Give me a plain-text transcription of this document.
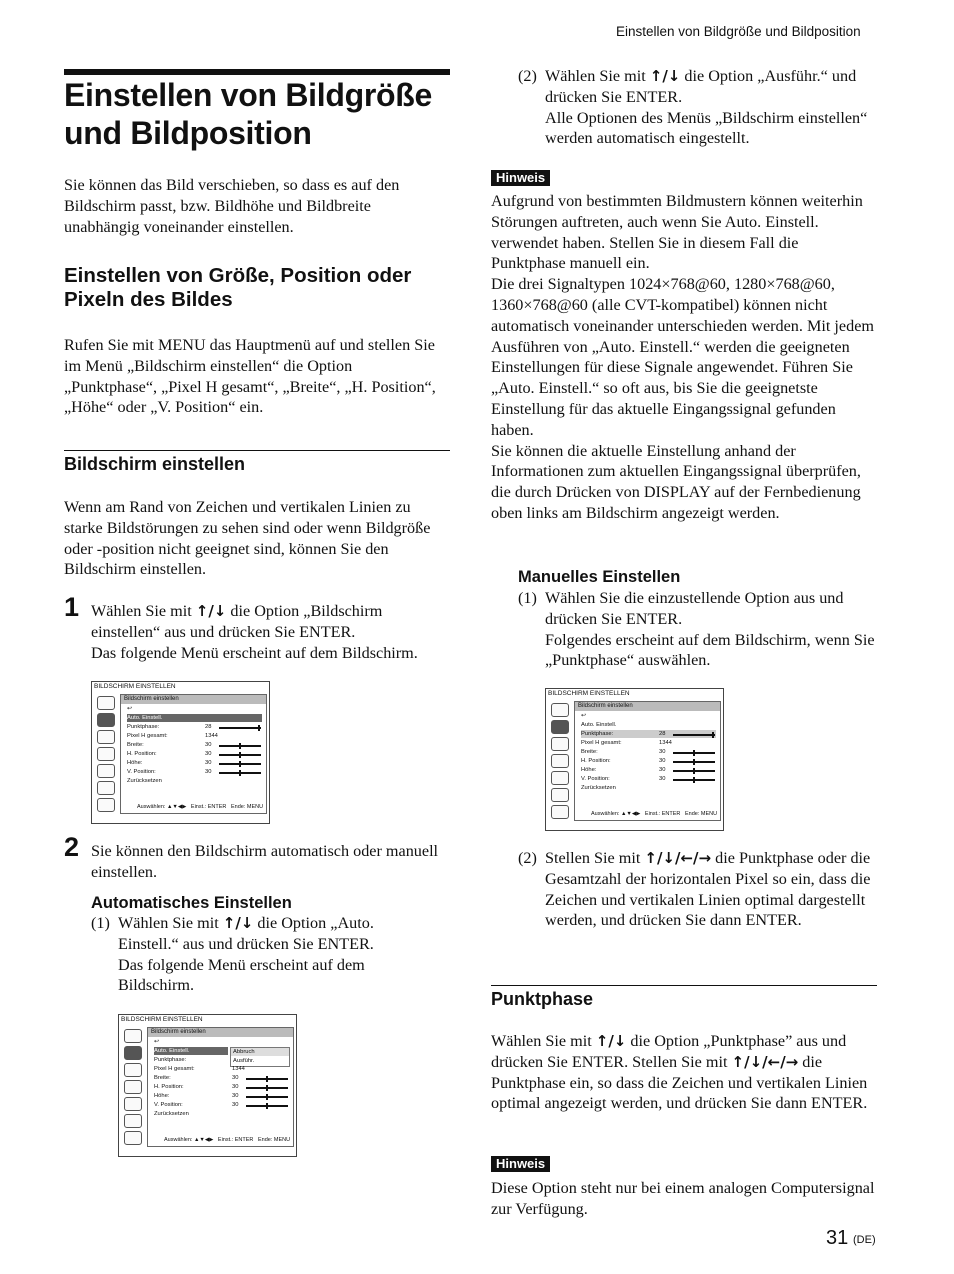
Einstellen von Bildgröße und Bildposition
Einstellen von Bildgröße und Bildposition

Sie können das Bild verschieben, so dass es auf den Bildschirm passt, bzw. Bildhöhe und Bildbreite unabhängig voneinander einstellen.

Einstellen von Größe, Position oder Pixeln des Bildes

Rufen Sie mit MENU das Hauptmenü auf und stellen Sie im Menü „Bildschirm einstellen“ die Option „Punktphase“, „Pixel H gesamt“, „Breite“, „H. Position“, „Höhe“ oder „V. Position“ ein.

Bildschirm einstellen

Wenn am Rand von Zeichen und vertikalen Linien zu starke Bildstörungen zu sehen sind oder wenn Bildgröße oder -position nicht geeignet sind, können Sie den Bildschirm einstellen.

1 Wählen Sie mit ↑/↓ die Option „Bildschirm einstellen“ aus und drücken Sie ENTER.
Das folgende Menü erscheint auf dem Bildschirm.
BILDSCHIRM EINSTELLEN
Bildschirm einstellen
↩
Auto. Einstell.
Punktphase:
Pixel H gesamt:
Breite:
H. Position:
Höhe:
V. Position:
Zurücksetzen
28
1344
30
30
30
30
Auswählen: ▲▼◀▶   Einst.: ENTER Ende: MENU
2 Sie können den Bildschirm automatisch oder manuell einstellen.
Automatisches Einstellen
(1) Wählen Sie mit ↑/↓ die Option „Auto. Einstell.“ aus und drücken Sie ENTER.
Das folgende Menü erscheint auf dem Bildschirm.
BILDSCHIRM EINSTELLEN
Bildschirm einstellen
↩
Auto. Einstell.
Punktphase:
Pixel H gesamt:
Breite:
H. Position:
Höhe:
V. Position:
Zurücksetzen
Abbruch
Ausführ.
1344
30
30
30
30
Auswählen: ▲▼◀▶   Einst.: ENTER Ende: MENU
(2) Wählen Sie mit ↑/↓ die Option „Ausführ.“ und drücken Sie ENTER.
Alle Optionen des Menüs „Bildschirm einstellen“ werden automatisch eingestellt.
Hinweis

Aufgrund von bestimmten Bildmustern können weiterhin Störungen auftreten, auch wenn Sie Auto. Einstell. verwendet haben. Stellen Sie in diesem Fall die Punktphase manuell ein.
Die drei Signaltypen 1024×768@60, 1280×768@60, 1360×768@60 (alle CVT-kompatibel) können nicht automatisch voneinander unterschieden werden. Mit jedem Ausführen von „Auto. Einstell.“ werden die geeigneten Einstellungen für diese Signale angewendet. Führen Sie „Auto. Einstell.“ so oft aus, bis Sie die geeignetste Einstellung für das aktuelle Eingangssignal gefunden haben.
Sie können die aktuelle Einstellung anhand der Informationen zum aktuellen Eingangssignal überprüfen, die durch Drücken von DISPLAY auf der Fernbedienung oben links am Bildschirm angezeigt werden.

Manuelles Einstellen
(1) Wählen Sie die einzustellende Option aus und drücken Sie ENTER.
Folgendes erscheint auf dem Bildschirm, wenn Sie „Punktphase“ auswählen.
BILDSCHIRM EINSTELLEN
Bildschirm einstellen
↩
Auto. Einstell.
Punktphase:
Pixel H gesamt:
Breite:
H. Position:
Höhe:
V. Position:
Zurücksetzen
28
1344
30
30
30
30
Auswählen: ▲▼◀▶   Einst.: ENTER Ende: MENU
(2) Stellen Sie mit ↑/↓/←/→ die Punktphase oder die Gesamtzahl der horizontalen Pixel so ein, dass die Zeichen und vertikalen Linien optimal dargestellt werden, und drücken Sie dann ENTER.
Punktphase

Wählen Sie mit ↑/↓ die Option „Punktphase” aus und drücken Sie ENTER. Stellen Sie mit ↑/↓/←/→ die Punktphase ein, so dass die Zeichen und vertikalen Linien optimal angezeigt werden, und drücken Sie dann ENTER.

Hinweis

Diese Option steht nur bei einem analogen Computersignal zur Verfügung.

31 (DE)
